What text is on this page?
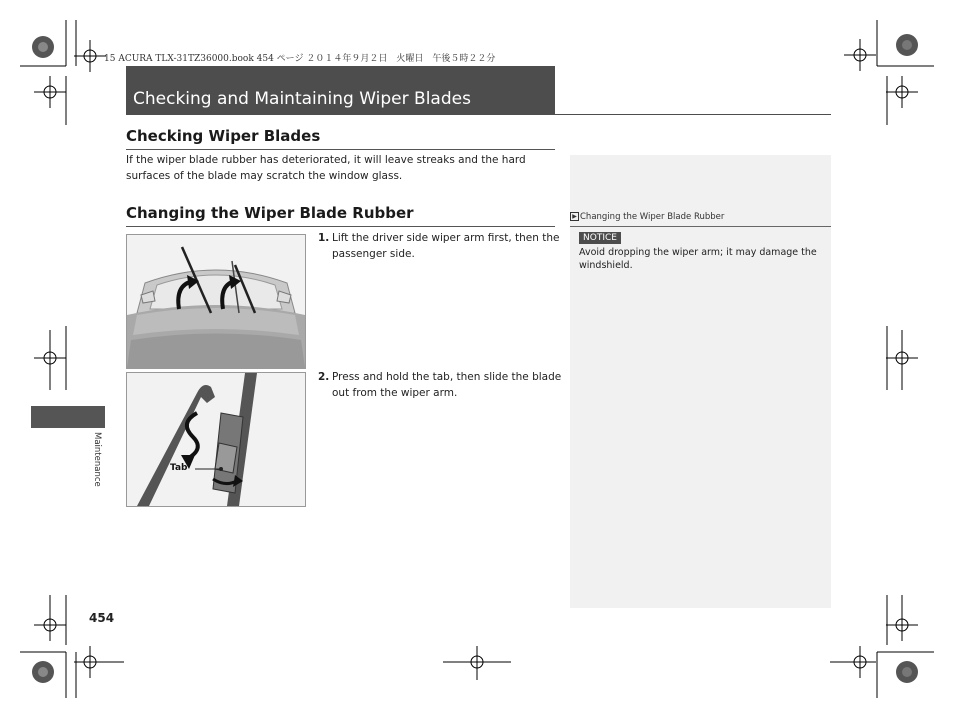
15 ACURA TLX-31TZ36000.book 454 ページ ２０１４年９月２日　火曜日　午後５時２２分
Checking and Maintaining Wiper Blades
Checking Wiper Blades
If the wiper blade rubber has deteriorated, it will leave streaks and the hard surfaces of the blade may scratch the window glass.
Changing the Wiper Blade Rubber
1. Lift the driver side wiper arm first, then the passenger side.
Tab
2. Press and hold the tab, then slide the blade out from the wiper arm.
▶ Changing the Wiper Blade Rubber
NOTICE
Avoid dropping the wiper arm; it may damage the windshield.
Maintenance
454
